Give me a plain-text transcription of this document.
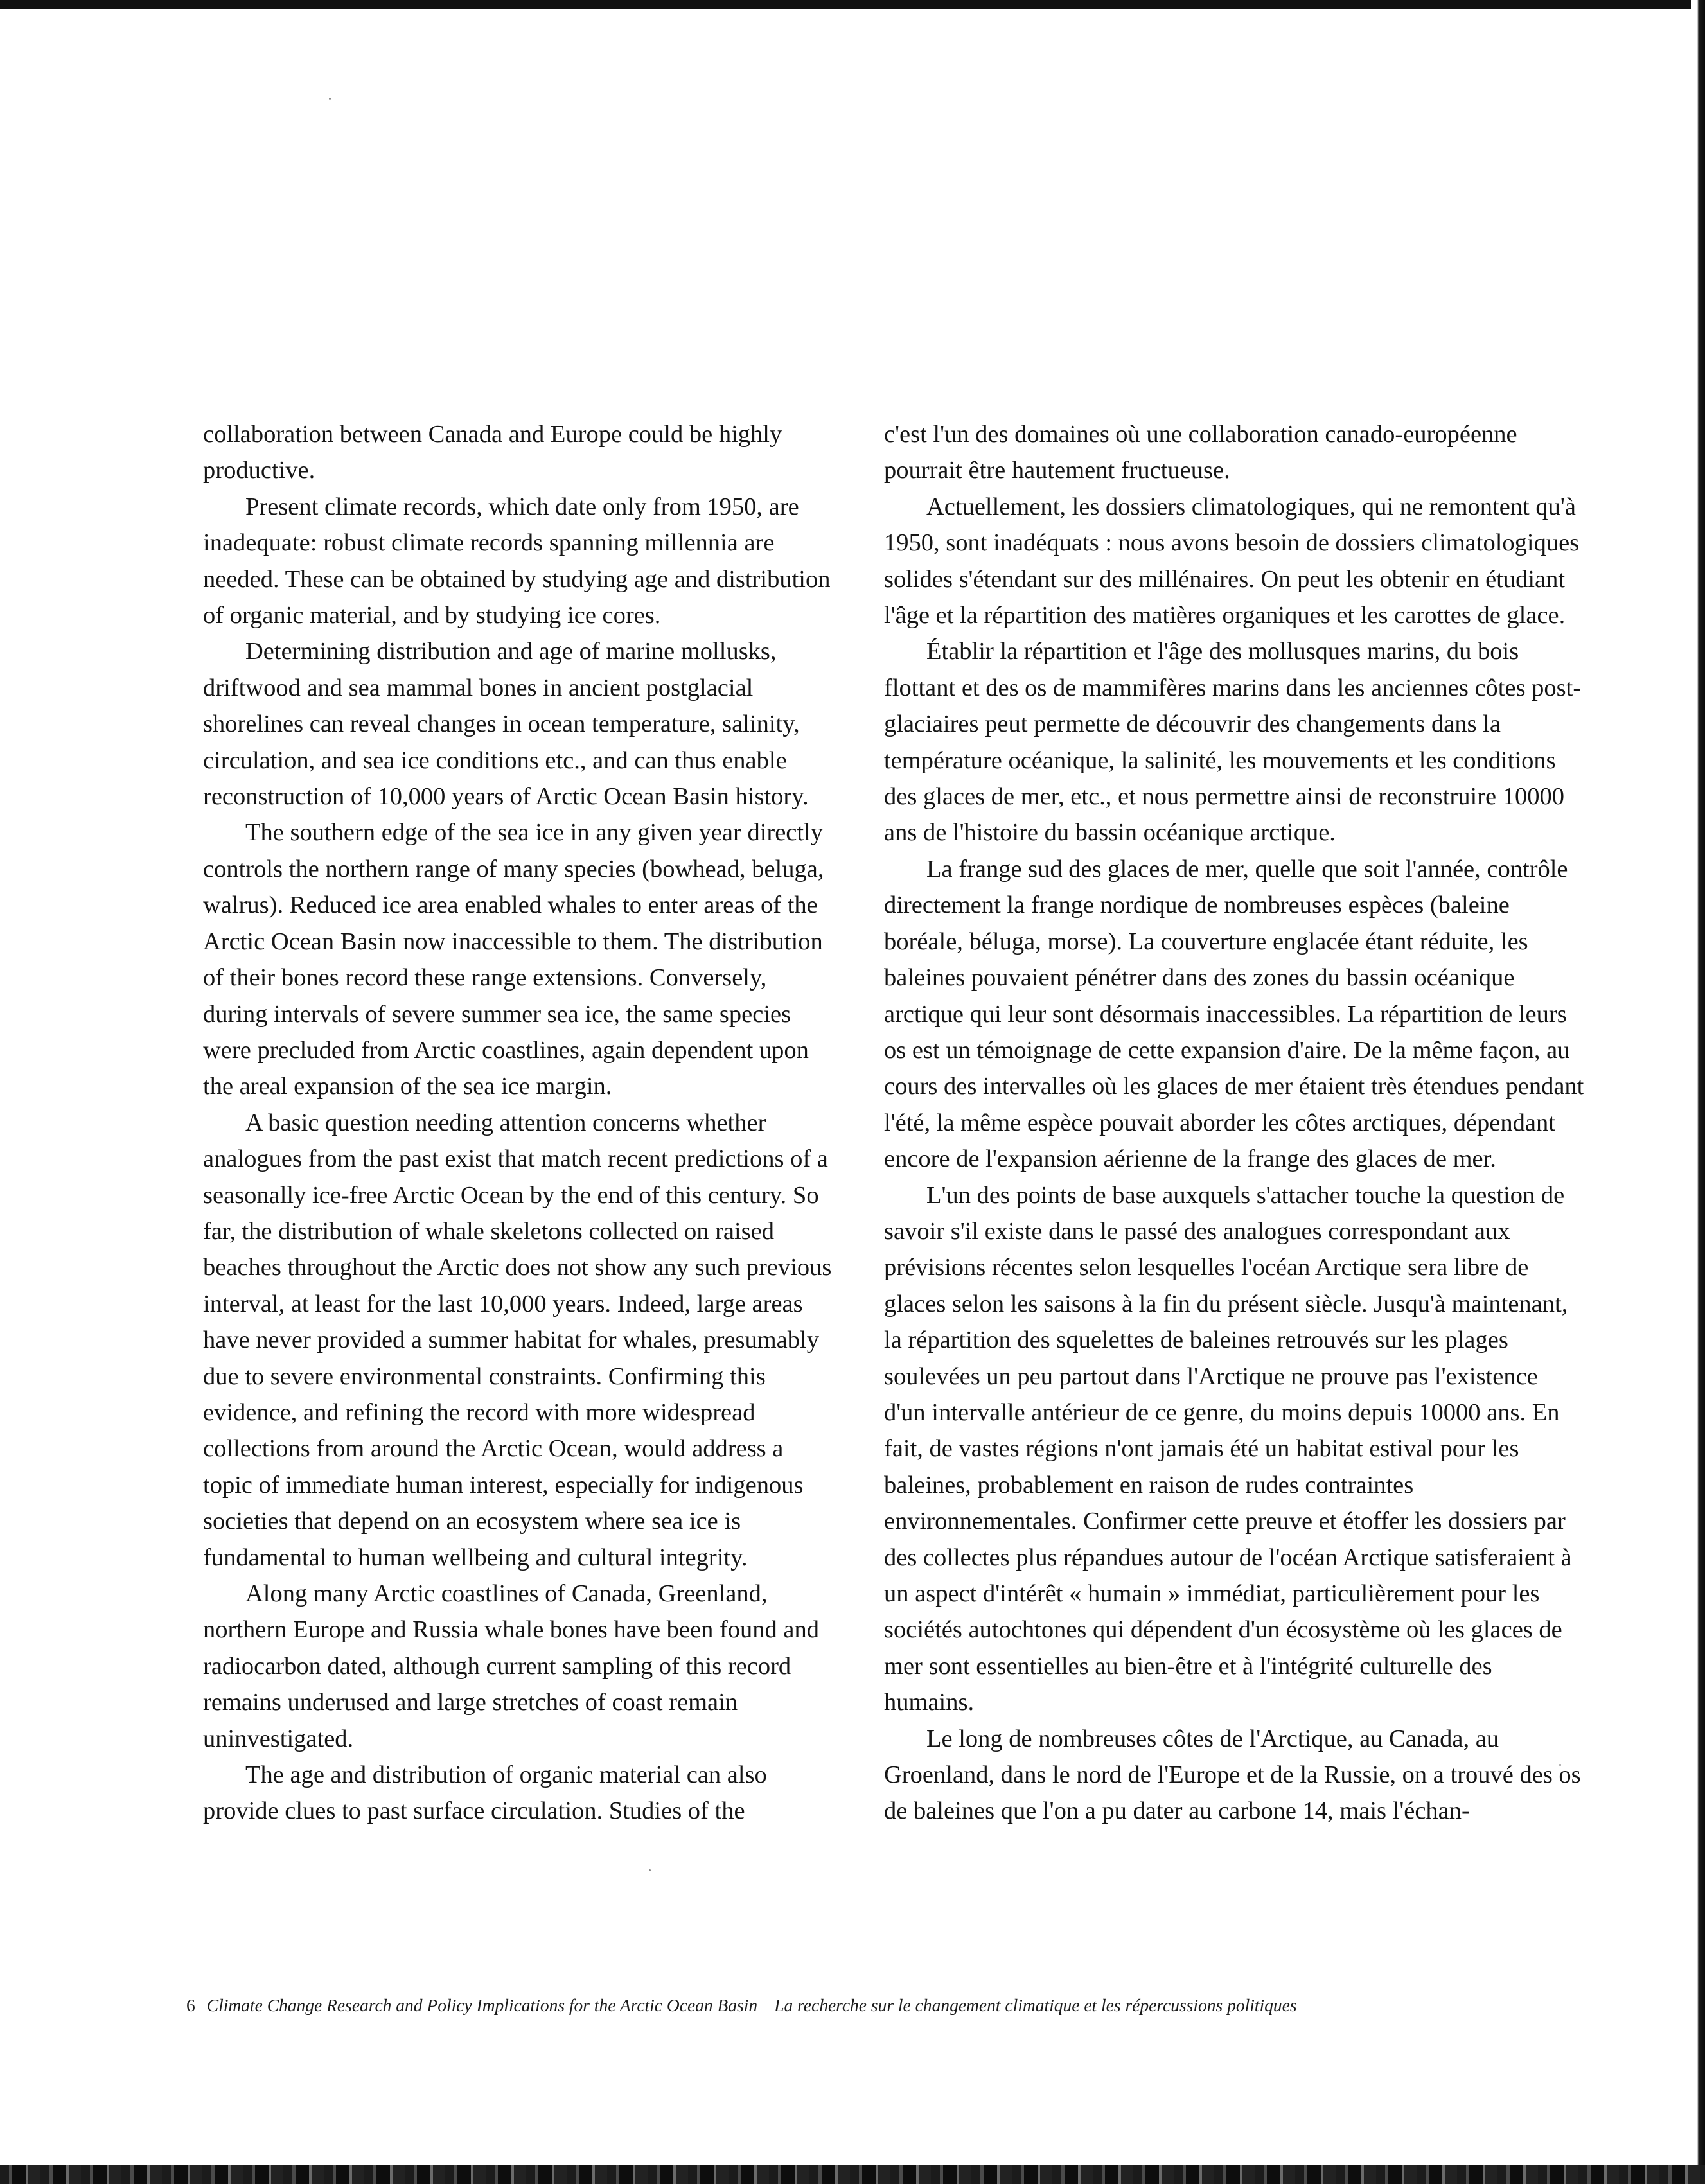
collaboration between Canada and Europe could be highly productive.

Present climate records, which date only from 1950, are inadequate: robust climate records spanning millennia are needed. These can be obtained by studying age and distribution of organic material, and by studying ice cores.

Determining distribution and age of marine mollusks, driftwood and sea mammal bones in ancient postglacial shorelines can reveal changes in ocean temperature, salinity, circulation, and sea ice conditions etc., and can thus enable reconstruction of 10,000 years of Arctic Ocean Basin history.

The southern edge of the sea ice in any given year directly controls the northern range of many species (bowhead, beluga, walrus). Reduced ice area enabled whales to enter areas of the Arctic Ocean Basin now inaccessible to them. The distribution of their bones record these range extensions. Conversely, during intervals of severe summer sea ice, the same species were precluded from Arctic coastlines, again dependent upon the areal expansion of the sea ice margin.

A basic question needing attention concerns whether analogues from the past exist that match recent predictions of a seasonally ice-free Arctic Ocean by the end of this century. So far, the distribution of whale skeletons collected on raised beaches throughout the Arctic does not show any such previous interval, at least for the last 10,000 years. Indeed, large areas have never provided a summer habitat for whales, presumably due to severe environmental constraints. Confirming this evidence, and refining the record with more widespread collections from around the Arctic Ocean, would address a topic of immediate human interest, especially for indigenous societies that depend on an ecosystem where sea ice is fundamental to human wellbeing and cultural integrity.

Along many Arctic coastlines of Canada, Greenland, northern Europe and Russia whale bones have been found and radiocarbon dated, although current sampling of this record remains underused and large stretches of coast remain uninvestigated.

The age and distribution of organic material can also provide clues to past surface circulation. Studies of the

c'est l'un des domaines où une collaboration canado-européenne pourrait être hautement fructueuse.

Actuellement, les dossiers climatologiques, qui ne remontent qu'à 1950, sont inadéquats : nous avons besoin de dossiers climatologiques solides s'étendant sur des millénaires. On peut les obtenir en étudiant l'âge et la répartition des matières organiques et les carottes de glace.

Établir la répartition et l'âge des mollusques marins, du bois flottant et des os de mammifères marins dans les anciennes côtes post-glaciaires peut permette de découvrir des changements dans la température océanique, la salinité, les mouvements et les conditions des glaces de mer, etc., et nous permettre ainsi de reconstruire 10000 ans de l'histoire du bassin océanique arctique.

La frange sud des glaces de mer, quelle que soit l'année, contrôle directement la frange nordique de nombreuses espèces (baleine boréale, béluga, morse). La couverture englacée étant réduite, les baleines pouvaient pénétrer dans des zones du bassin océanique arctique qui leur sont désormais inaccessibles. La répartition de leurs os est un témoignage de cette expansion d'aire. De la même façon, au cours des intervalles où les glaces de mer étaient très étendues pendant l'été, la même espèce pouvait aborder les côtes arctiques, dépendant encore de l'expansion aérienne de la frange des glaces de mer.

L'un des points de base auxquels s'attacher touche la question de savoir s'il existe dans le passé des analogues correspondant aux prévisions récentes selon lesquelles l'océan Arctique sera libre de glaces selon les saisons à la fin du présent siècle. Jusqu'à maintenant, la répartition des squelettes de baleines retrouvés sur les plages soulevées un peu partout dans l'Arctique ne prouve pas l'existence d'un intervalle antérieur de ce genre, du moins depuis 10000 ans. En fait, de vastes régions n'ont jamais été un habitat estival pour les baleines, probablement en raison de rudes contraintes environnementales. Confirmer cette preuve et étoffer les dossiers par des collectes plus répandues autour de l'océan Arctique satisferaient à un aspect d'intérêt « humain » immédiat, particulièrement pour les sociétés autochtones qui dépendent d'un écosystème où les glaces de mer sont essentielles au bien-être et à l'intégrité culturelle des humains.

Le long de nombreuses côtes de l'Arctique, au Canada, au Groenland, dans le nord de l'Europe et de la Russie, on a trouvé des os de baleines que l'on a pu dater au carbone 14, mais l'échan-

6 Climate Change Research and Policy Implications for the Arctic Ocean Basin La recherche sur le changement climatique et les répercussions politiques
